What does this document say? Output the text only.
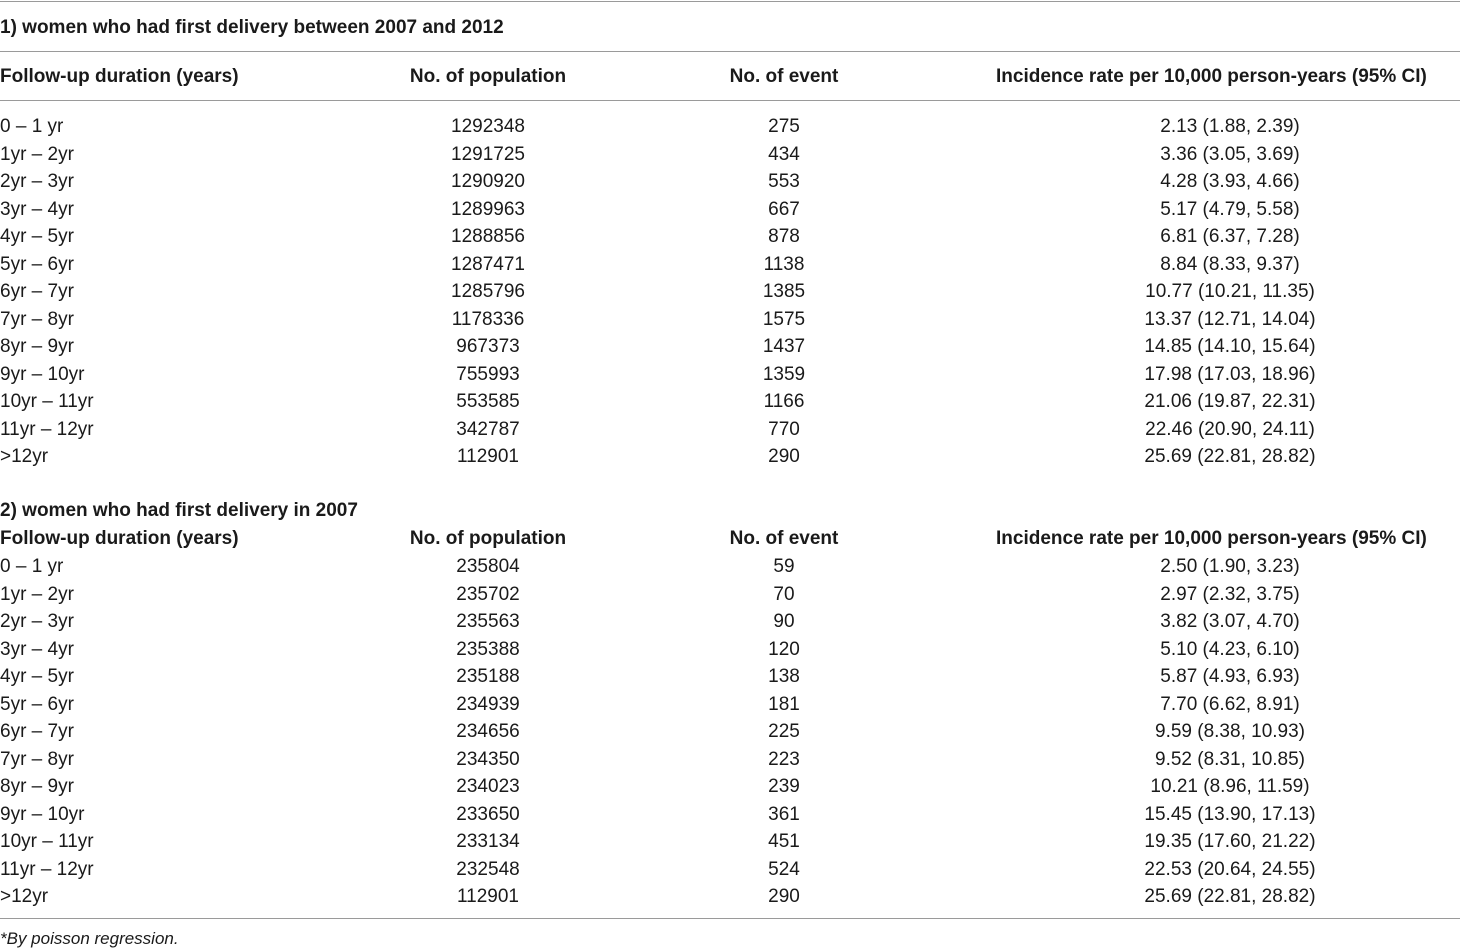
1) women who had first delivery between 2007 and 2012
Follow-up duration (years)	No. of population	No. of event	Incidence rate per 10,000 person-years (95% CI)
0 – 1 yr	1292348	275	2.13 (1.88, 2.39)
1yr – 2yr	1291725	434	3.36 (3.05, 3.69)
2yr – 3yr	1290920	553	4.28 (3.93, 4.66)
3yr – 4yr	1289963	667	5.17 (4.79, 5.58)
4yr – 5yr	1288856	878	6.81 (6.37, 7.28)
5yr – 6yr	1287471	1138	8.84 (8.33, 9.37)
6yr – 7yr	1285796	1385	10.77 (10.21, 11.35)
7yr – 8yr	1178336	1575	13.37 (12.71, 14.04)
8yr – 9yr	967373	1437	14.85 (14.10, 15.64)
9yr – 10yr	755993	1359	17.98 (17.03, 18.96)
10yr – 11yr	553585	1166	21.06 (19.87, 22.31)
11yr – 12yr	342787	770	22.46 (20.90, 24.11)
>12yr	112901	290	25.69 (22.81, 28.82)
2) women who had first delivery in 2007
Follow-up duration (years)	No. of population	No. of event	Incidence rate per 10,000 person-years (95% CI)
0 – 1 yr	235804	59	2.50 (1.90, 3.23)
1yr – 2yr	235702	70	2.97 (2.32, 3.75)
2yr – 3yr	235563	90	3.82 (3.07, 4.70)
3yr – 4yr	235388	120	5.10 (4.23, 6.10)
4yr – 5yr	235188	138	5.87 (4.93, 6.93)
5yr – 6yr	234939	181	7.70 (6.62, 8.91)
6yr – 7yr	234656	225	9.59 (8.38, 10.93)
7yr – 8yr	234350	223	9.52 (8.31, 10.85)
8yr – 9yr	234023	239	10.21 (8.96, 11.59)
9yr – 10yr	233650	361	15.45 (13.90, 17.13)
10yr – 11yr	233134	451	19.35 (17.60, 21.22)
11yr – 12yr	232548	524	22.53 (20.64, 24.55)
>12yr	112901	290	25.69 (22.81, 28.82)
*By poisson regression.
